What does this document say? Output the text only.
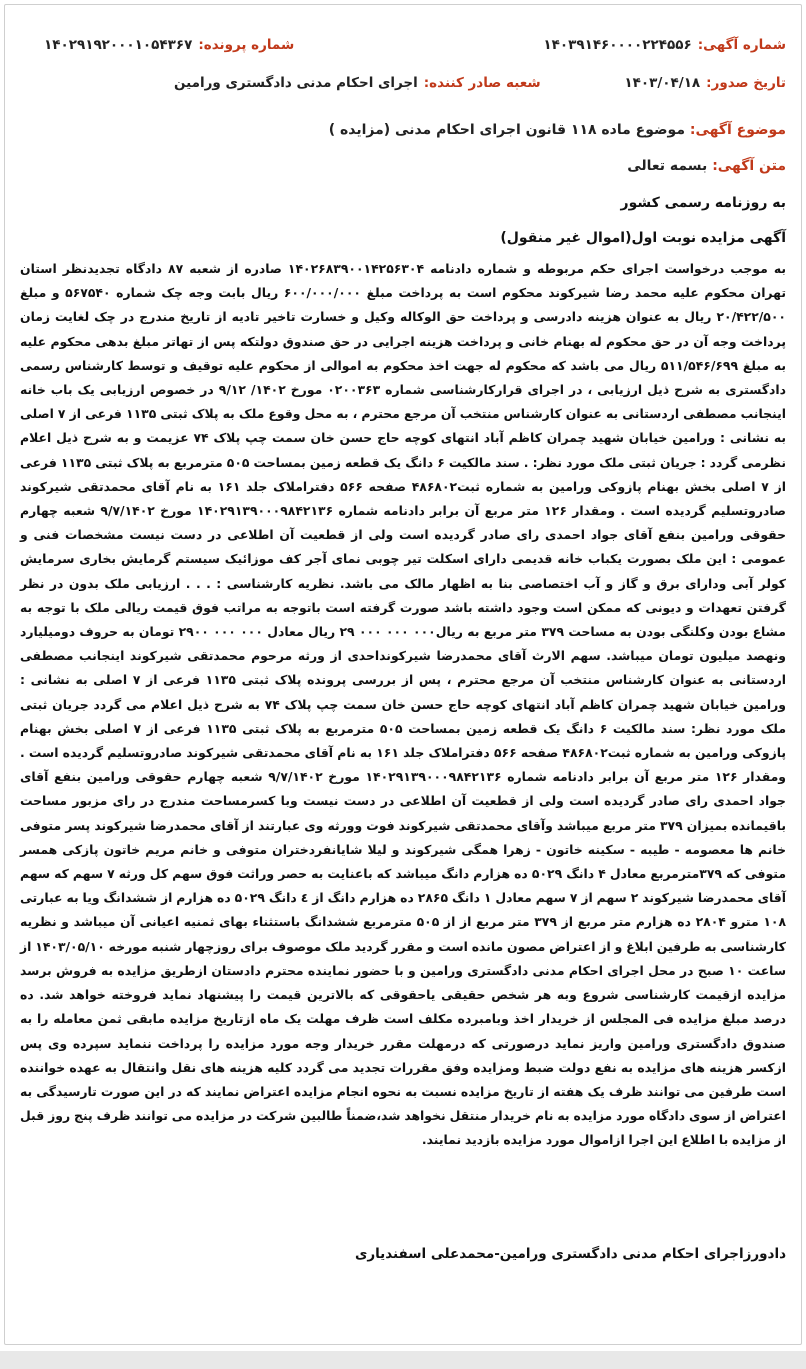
شماره آگهی:
۱۴۰۳۹۱۴۶۰۰۰۰۲۲۴۵۵۶
شماره پرونده:
۱۴۰۲۹۱۹۲۰۰۰۱۰۵۴۳۶۷
تاریخ صدور:
۱۴۰۳/۰۴/۱۸
شعبه صادر کننده:
اجرای احکام مدنی دادگستری ورامین
موضوع آگهی: موضوع ماده ۱۱۸ قانون اجرای احکام مدنی (مزایده )
متن آگهی: بسمه تعالی
به روزنامه رسمی کشور
آگهی مزایده نوبت اول(اموال غیر منقول)
به موجب درخواست اجرای حکم مربوطه و شماره دادنامه ۱۴۰۲۶۸۳۹۰۰۱۴۲۵۶۳۰۴ صادره از شعبه ۸۷ دادگاه تجدیدنظر استان تهران محکوم علیه محمد رضا شیرکوند محکوم است به پرداخت مبلغ ۶۰۰/۰۰۰/۰۰۰ ریال بابت وجه چک شماره ۵۶۷۵۴۰ و مبلغ ۲۰/۴۲۲/۵۰۰ ریال به عنوان هزینه دادرسی و پرداخت حق الوکاله وکیل و خسارت تاخیر تادیه از تاریخ مندرج در چک لغایت زمان پرداخت وجه آن در حق محکوم له بهنام خانی و پرداخت هزینه اجرایی در حق صندوق دولتکه پس از تهاتر مبلغ بدهی محکوم علیه به مبلغ ۵۱۱/۵۴۶/۶۹۹ ریال می باشد که محکوم له جهت اخذ محکوم به اموالی از محکوم علیه توقیف و توسط کارشناس رسمی دادگستری به شرح ذیل ارزیابی ، در اجرای قرارکارشناسی شماره ۰۲۰۰۳۶۳ مورخ ۱۴۰۲/ ۹/۱۲ در خصوص ارزیابی یک باب خانه اینجانب مصطفی اردستانی به عنوان کارشناس منتخب آن مرجع محترم ، به محل وقوع ملک به پلاک ثبتی ۱۱۳۵ فرعی از ۷ اصلی به نشانی : ورامین خیابان شهید چمران کاظم آباد انتهای کوچه حاج حسن خان سمت چپ پلاک ۷۴ عزیمت و به شرح ذیل اعلام نظرمی گردد : جریان ثبتی ملک مورد نظر: . سند مالکیت ۶ دانگ یک قطعه زمین بمساحت ۵۰۵ مترمربع به پلاک ثبتی ۱۱۳۵ فرعی از ۷ اصلی بخش بهنام پازوکی ورامین به شماره ثبت۴۸۶۸۰۲ صفحه ۵۶۶ دفتراملاک جلد ۱۶۱ به نام آقای محمدتقی شیرکوند صادروتسلیم گردیده است . ومقدار ۱۲۶ متر مربع آن برابر دادنامه شماره ۱۴۰۲۹۱۳۹۰۰۰۹۸۴۲۱۳۶ مورخ ۹/۷/۱۴۰۲ شعبه چهارم حقوقی ورامین بنفع آقای جواد احمدی رای صادر گردیده است ولی از قطعیت آن اطلاعی در دست نیست مشخصات فنی و عمومی : این ملک بصورت یکباب خانه قدیمی دارای اسکلت تیر چوبی نمای آجر کف موزائیک سیستم گرمایش بخاری سرمایش کولر آبی ودارای برق و گاز و آب اختصاصی بنا به اظهار مالک می باشد. نظریه کارشناسی : . . . ارزیابی ملک بدون در نظر گرفتن تعهدات و دیونی که ممکن است وجود داشته باشد صورت گرفته است باتوجه به مراتب فوق قیمت ریالی ملک با توجه به مشاع بودن وکلنگی بودن به مساحت ۳۷۹ متر مربع به ریال۰۰۰ ۰۰۰ ۰۰۰ ۲۹ ریال معادل ۰۰۰ ۰۰۰ ۲۹۰۰ تومان به حروف دومیلیارد ونهصد میلیون تومان میباشد. سهم الارث آقای محمدرضا شیرکونداحدی از ورثه مرحوم محمدتقی شیرکوند اینجانب مصطفی اردستانی به عنوان کارشناس منتخب آن مرجع محترم ، پس از بررسی پرونده پلاک ثبتی ۱۱۳۵ فرعی از ۷ اصلی به نشانی : ورامین خیابان شهید چمران کاظم آباد انتهای کوچه حاج حسن خان سمت چپ پلاک ۷۴ به شرح ذیل اعلام می گردد جریان ثبتی ملک مورد نظر: سند مالکیت ۶ دانگ یک قطعه زمین بمساحت ۵۰۵ مترمربع به پلاک ثبتی ۱۱۳۵ فرعی از ۷ اصلی بخش بهنام پازوکی ورامین به شماره ثبت۴۸۶۸۰۲ صفحه ۵۶۶ دفتراملاک جلد ۱۶۱ به نام آقای محمدتقی شیرکوند صادروتسلیم گردیده است . ومقدار ۱۲۶ متر مربع آن برابر دادنامه شماره ۱۴۰۲۹۱۳۹۰۰۰۹۸۴۲۱۳۶ مورخ ۹/۷/۱۴۰۲ شعبه چهارم حقوقی ورامین بنفع آقای جواد احمدی رای صادر گردیده است ولی از قطعیت آن اطلاعی در دست نیست وبا کسرمساحت مندرج در رای مزبور مساحت باقیمانده بمیزان ۳۷۹ متر مربع میباشد وآقای محمدتقی شیرکوند فوت وورثه وی عبارتند از آقای محمدرضا شیرکوند پسر متوفی خانم ها معصومه - طیبه - سکینه خاتون - زهرا همگی شیرکوند و لیلا شایانفردختران متوفی و خانم مریم خاتون پازکی همسر متوفی که ۳۷۹مترمربع معادل ۴ دانگ ۵۰۲۹ ده هزارم دانگ میباشد که باعنایت به حصر وراثت فوق سهم کل ورثه ۷ سهم که سهم آقای محمدرضا شیرکوند ۲ سهم از ۷ سهم معادل ۱ دانگ ۲۸۶۵ ده هزارم دانگ از ٤ دانگ ۵۰۲۹ ده هزارم از ششدانگ ویا به عبارتی ۱۰۸ مترو ۲۸۰۴ ده هزارم متر مربع از ۳۷۹ متر مربع از از ۵۰۵ مترمربع ششدانگ باستثناء بهای ثمنیه اعیانی آن میباشد و نظریه کارشناسی به طرفین ابلاغ و از اعتراض مصون مانده است و مقرر گردید ملک موصوف برای روزچهار شنبه مورخه ۱۴۰۳/۰۵/۱۰ از ساعت ۱۰ صبح در محل اجرای احکام مدنی دادگستری ورامین و با حضور نماینده محترم دادستان ازطریق مزایده به فروش برسد مزایده ازقیمت کارشناسی شروع وبه هر شخص حقیقی یاحقوقی که بالاترین قیمت را پیشنهاد نماید فروخته خواهد شد. ده درصد مبلغ مزایده فی المجلس از خریدار اخذ وبامبرده مکلف است ظرف مهلت یک ماه ازتاریخ مزایده مابقی ثمن معامله را به صندوق دادگستری ورامین واریز نماید درصورتی که درمهلت مقرر خریدار وجه مورد مزایده را پرداخت ننماید سپرده وی پس ازکسر هزینه های مزایده به نفع دولت ضبط ومزایده وفق مقررات تجدید می گردد کلیه هزینه های نقل وانتقال به عهده خواننده است طرفین می توانند ظرف یک هفته از تاریخ مزایده نسبت به نحوه انجام مزایده اعتراض نمایند که در این صورت تارسیدگی به اعتراض از سوی دادگاه مورد مزایده به نام خریدار منتقل نخواهد شد،ضمناً طالبین شرکت در مزایده می توانند ظرف پنج روز قبل از مزایده با اطلاع این اجرا ازاموال مورد مزایده بازدید نمایند.
دادورزاجرای احکام مدنی دادگستری ورامین-محمدعلی اسفندیاری
